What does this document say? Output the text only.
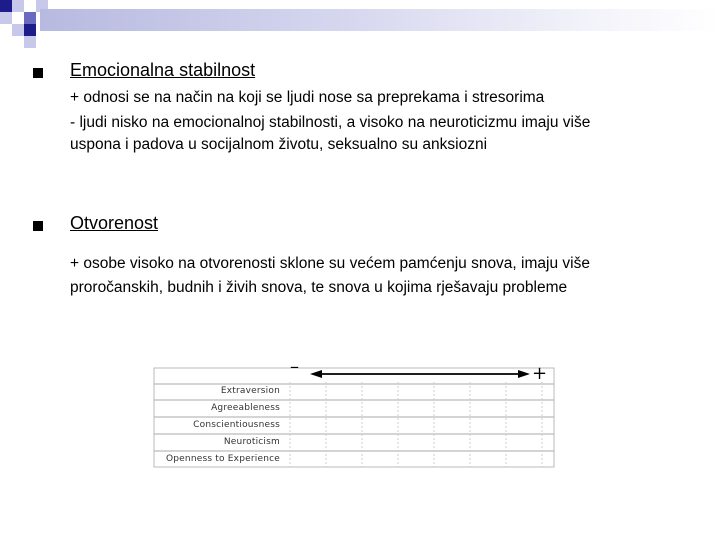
Emocionalna stabilnost
+ odnosi se na način na koji se ljudi nose sa preprekama i stresorima
- ljudi nisko na emocionalnoj stabilnosti, a visoko na neuroticizmu imaju više
uspona i padova u socijalnom životu, seksualno su anksiozni
Otvorenost
+ osobe visoko na otvorenosti sklone su većem pamćenju snova, imaju više
proročanskih, budnih i živih snova, te snova u kojima rješavaju probleme
–	+
Extraversion
Agreeableness
Conscientiousness
Neuroticism
Openness to Experience
